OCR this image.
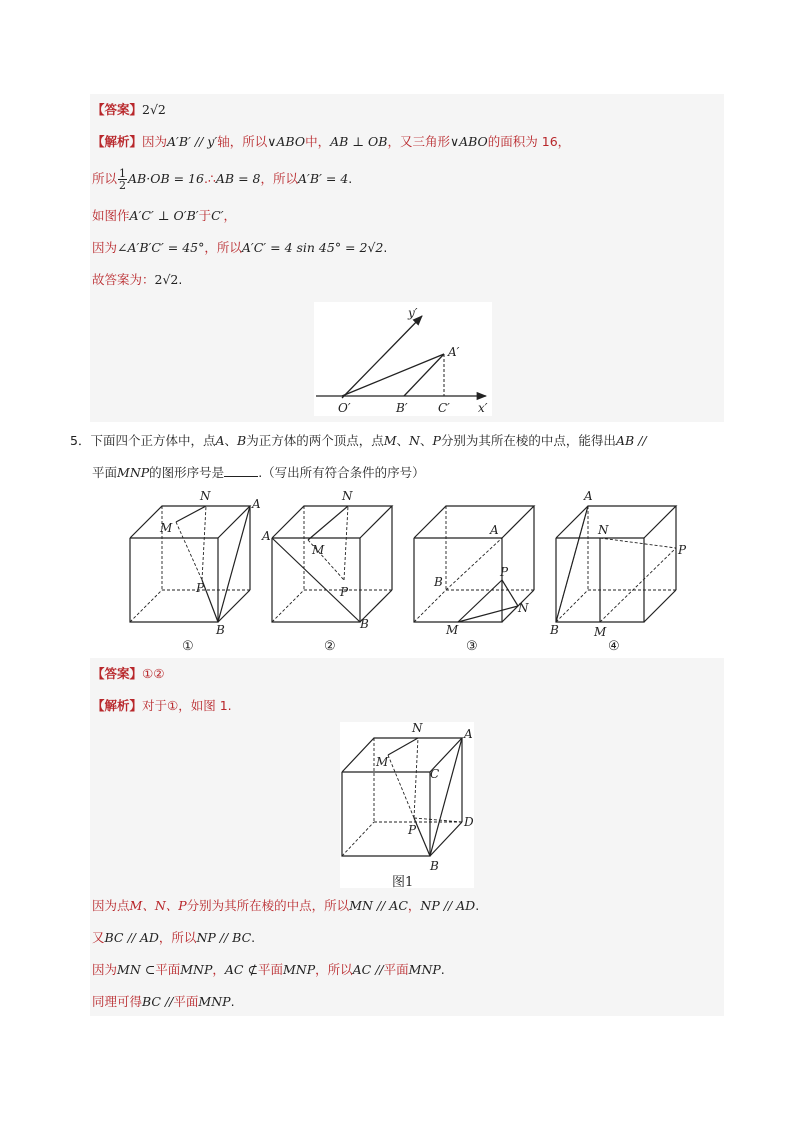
【答案】2√2
【解析】因为A′B′ // y′轴，所以∨ABO中，AB ⊥ OB，又三角形∨ABO的面积为 16，
所以 $\frac{1}{2} AB\cdot OB$ = 16.∴AB = 8，所以A′B′ = 4.
如图作A′C′ ⊥ O′B′于C′，
因为∠A′B′C′ = 45°，所以A′C′ = 4 sin 45° = 2√2.
故答案为：2√2.
y′
A′
O′	B′	C′ x′
5．下面四个正方体中，点A、B为正方体的两个顶点，点M、N、P分别为其所在棱的中点，能得出AB //
平面MNP的图形序号是	.（写出所有符合条件的序号）
N
A
M
P
B
①
N
A
M
P
B
②
A
B
P
N
M
③
A
N
P
B	M
④
【答案】①②
【解析】对于①，如图 1.
N	A
M
C
P
D
B
图1
因为点M、N、P分别为其所在棱的中点，所以MN // AC，NP // AD.
又BC // AD，所以NP // BC.
因为MN ⊂平面MNP，AC ⊄平面MNP，所以AC //平面MNP.
同理可得BC //平面MNP.
